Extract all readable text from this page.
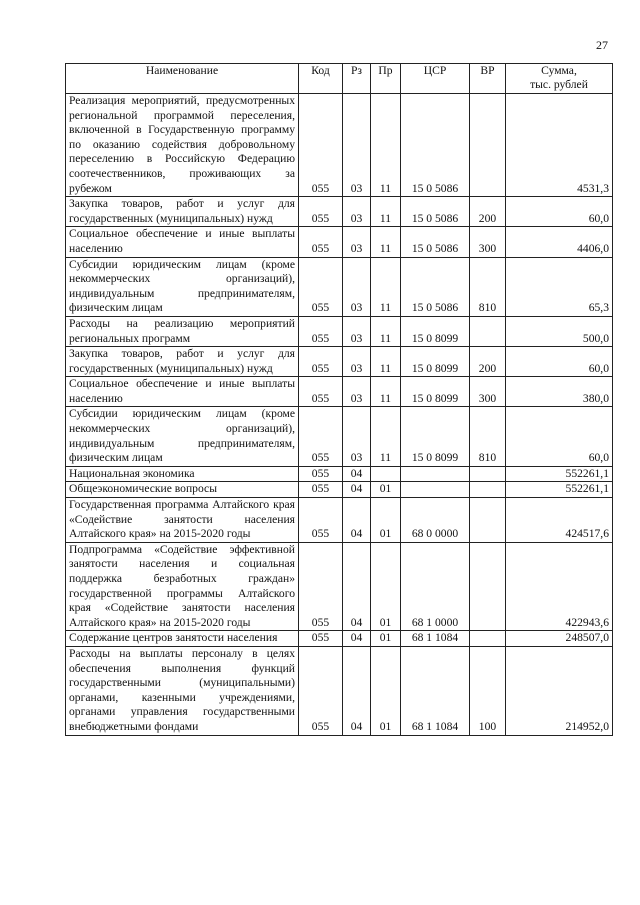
27
Наименование	Код	Рз	Пр	ЦСР	ВР	Сумма,
тыс. рублей

Реализация мероприятий, предусмотренных региональной программой переселения, включенной в Государственную программу по оказанию содействия добровольному переселению в Российскую Федерацию соотечественников, проживающих за рубежом	055	03	11	15 0 5086		4531,3
Закупка товаров, работ и услуг для государственных (муниципальных) нужд	055	03	11	15 0 5086	200	60,0
Социальное обеспечение и иные выплаты населению	055	03	11	15 0 5086	300	4406,0
Субсидии юридическим лицам (кроме некоммерческих организаций), индивидуальным предпринимателям, физическим лицам	055	03	11	15 0 5086	810	65,3
Расходы на реализацию мероприятий региональных программ	055	03	11	15 0 8099		500,0
Закупка товаров, работ и услуг для государственных (муниципальных) нужд	055	03	11	15 0 8099	200	60,0
Социальное обеспечение и иные выплаты населению	055	03	11	15 0 8099	300	380,0
Субсидии юридическим лицам (кроме некоммерческих организаций), индивидуальным предпринимателям, физическим лицам	055	03	11	15 0 8099	810	60,0
Национальная экономика	055	04				552261,1
Общеэкономические вопросы	055	04	01			552261,1
Государственная программа Алтайского края «Содействие занятости населения Алтайского края» на 2015-2020 годы	055	04	01	68 0 0000		424517,6
Подпрограмма «Содействие эффективной занятости населения и социальная поддержка безработных граждан» государственной программы Алтайского края «Содействие занятости населения Алтайского края» на 2015-2020 годы	055	04	01	68 1 0000		422943,6
Содержание центров занятости населения	055	04	01	68 1 1084		248507,0
Расходы на выплаты персоналу в целях обеспечения выполнения функций государственными (муниципальными) органами, казенными учреждениями, органами управления государственными внебюджетными фондами	055	04	01	68 1 1084	100	214952,0
